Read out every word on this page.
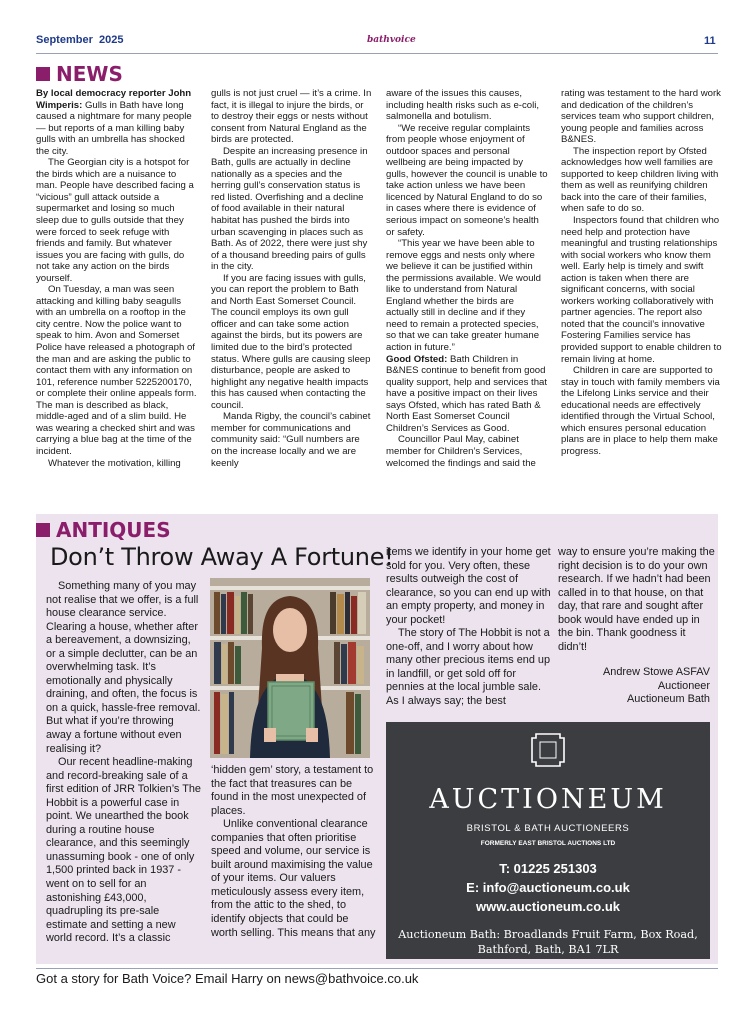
September 2025	bathvoice	11
NEWS

By local democracy reporter John Wimperis: Gulls in Bath have long caused a nightmare for many people — but reports of a man killing baby gulls with an umbrella has shocked the city.

The Georgian city is a hotspot for the birds which are a nuisance to man. People have described facing a “vicious” gull attack outside a supermarket and losing so much sleep due to gulls outside that they were forced to seek refuge with friends and family. But whatever issues you are facing with gulls, do not take any action on the birds yourself.

On Tuesday, a man was seen attacking and killing baby seagulls with an umbrella on a rooftop in the city centre. Now the police want to speak to him. Avon and Somerset Police have released a photograph of the man and are asking the public to contact them with any information on 101, reference number 5225200170, or complete their online appeals form. The man is described as black, middle-aged and of a slim build. He was wearing a checked shirt and was carrying a blue bag at the time of the incident.

Whatever the motivation, killing

gulls is not just cruel — it’s a crime. In fact, it is illegal to injure the birds, or to destroy their eggs or nests without consent from Natural England as the birds are protected.

Despite an increasing presence in Bath, gulls are actually in decline nationally as a species and the herring gull’s conservation status is red listed. Overfishing and a decline of food available in their natural habitat has pushed the birds into urban scavenging in places such as Bath. As of 2022, there were just shy of a thousand breeding pairs of gulls in the city.

If you are facing issues with gulls, you can report the problem to Bath and North East Somerset Council. The council employs its own gull officer and can take some action against the birds, but its powers are limited due to the bird’s protected status. Where gulls are causing sleep disturbance, people are asked to highlight any negative health impacts this has caused when contacting the council.

Manda Rigby, the council’s cabinet member for communications and community said: “Gull numbers are on the increase locally and we are keenly

aware of the issues this causes, including health risks such as e-coli, salmonella and botulism.

“We receive regular complaints from people whose enjoyment of outdoor spaces and personal wellbeing are being impacted by gulls, however the council is unable to take action unless we have been licenced by Natural England to do so in cases where there is evidence of serious impact on someone’s health or safety.

“This year we have been able to remove eggs and nests only where we believe it can be justified within the permissions available. We would like to understand from Natural England whether the birds are actually still in decline and if they need to remain a protected species, so that we can take greater humane action in future.”

Good Ofsted: Bath Children in B&NES continue to benefit from good quality support, help and services that have a positive impact on their lives says Ofsted, which has rated Bath & North East Somerset Council Children’s Services as Good.

Councillor Paul May, cabinet member for Children’s Services, welcomed the findings and said the

rating was testament to the hard work and dedication of the children’s services team who support children, young people and families across B&NES.

The inspection report by Ofsted acknowledges how well families are supported to keep children living with them as well as reunifying children back into the care of their families, when safe to do so.

Inspectors found that children who need help and protection have meaningful and trusting relationships with social workers who know them well. Early help is timely and swift action is taken when there are significant concerns, with social workers working collaboratively with partner agencies. The report also noted that the council’s innovative Fostering Families service has provided support to enable children to remain living at home.

Children in care are supported to stay in touch with family members via the Lifelong Links service and their educational needs are effectively identified through the Virtual School, which ensures personal education plans are in place to help them make progress.

ANTIQUES
Don’t Throw Away A Fortune!

Something many of you may not realise that we offer, is a full house clearance service. Clearing a house, whether after a bereavement, a downsizing, or a simple declutter, can be an overwhelming task. It’s emotionally and physically draining, and often, the focus is on a quick, hassle-free removal. But what if you’re throwing away a fortune without even realising it?

Our recent headline-making and record-breaking sale of a first edition of JRR Tolkien’s The Hobbit is a powerful case in point. We unearthed the book during a routine house clearance, and this seemingly unassuming book - one of only 1,500 printed back in 1937 - went on to sell for an astonishing £43,000, quadrupling its pre-sale estimate and setting a new world record. It’s a classic

‘hidden gem’ story, a testament to the fact that treasures can be found in the most unexpected of places.

Unlike conventional clearance companies that often prioritise speed and volume, our service is built around maximising the value of your items. Our valuers meticulously assess every item, from the attic to the shed, to identify objects that could be worth selling. This means that any

items we identify in your home get sold for you. Very often, these results outweigh the cost of clearance, so you can end up with an empty property, and money in your pocket!

The story of The Hobbit is not a one-off, and I worry about how many other precious items end up in landfill, or get sold off for pennies at the local jumble sale. As I always say; the best

way to ensure you’re making the right decision is to do your own research. If we hadn’t had been called in to that house, on that day, that rare and sought after book would have ended up in the bin. Thank goodness it didn’t!

Andrew Stowe ASFAV
Auctioneer
Auctioneum Bath
AUCTIONEUM
BRISTOL & BATH AUCTIONEERS
FORMERLY EAST BRISTOL AUCTIONS LTD
T: 01225 251303
E: info@auctioneum.co.uk
www.auctioneum.co.uk
Auctioneum Bath: Broadlands Fruit Farm, Box Road,
Bathford, Bath, BA1 7LR
Got a story for Bath Voice? Email Harry on news@bathvoice.co.uk
